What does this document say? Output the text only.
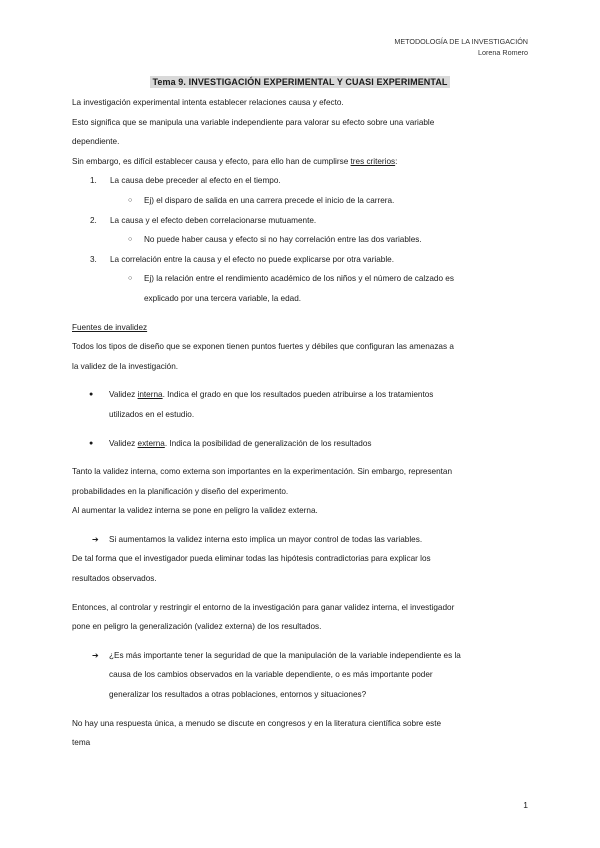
METODOLOGÍA DE LA INVESTIGACIÓN
Lorena Romero
Tema 9. INVESTIGACIÓN EXPERIMENTAL Y CUASI EXPERIMENTAL

La investigación experimental intenta establecer relaciones causa y efecto.

Esto significa que se manipula una variable independiente para valorar su efecto sobre una variable

dependiente.

Sin embargo, es difícil establecer causa y efecto, para ello han de cumplirse tres criterios:

1. La causa debe preceder al efecto en el tiempo.

○ Ej) el disparo de salida en una carrera precede el inicio de la carrera.

2. La causa y el efecto deben correlacionarse mutuamente.

○ No puede haber causa y efecto si no hay correlación entre las dos variables.

3. La correlación entre la causa y el efecto no puede explicarse por otra variable.

○ Ej) la relación entre el rendimiento académico de los niños y el número de calzado es

explicado por una tercera variable, la edad.

Fuentes de invalidez

Todos los tipos de diseño que se exponen tienen puntos fuertes y débiles que configuran las amenazas a

la validez de la investigación.

● Validez interna. Indica el grado en que los resultados pueden atribuirse a los tratamientos

utilizados en el estudio.

● Validez externa. Indica la posibilidad de generalización de los resultados

Tanto la validez interna, como externa son importantes en la experimentación. Sin embargo, representan

probabilidades en la planificación y diseño del experimento.

Al aumentar la validez interna se pone en peligro la validez externa.

➔ Si aumentamos la validez interna esto implica un mayor control de todas las variables.

De tal forma que el investigador pueda eliminar todas las hipótesis contradictorias para explicar los

resultados observados.

Entonces, al controlar y restringir el entorno de la investigación para ganar validez interna, el investigador

pone en peligro la generalización (validez externa) de los resultados.

➔ ¿Es más importante tener la seguridad de que la manipulación de la variable independiente es la

causa de los cambios observados en la variable dependiente, o es más importante poder

generalizar los resultados a otras poblaciones, entornos y situaciones?

No hay una respuesta única, a menudo se discute en congresos y en la literatura científica sobre este

tema

1
